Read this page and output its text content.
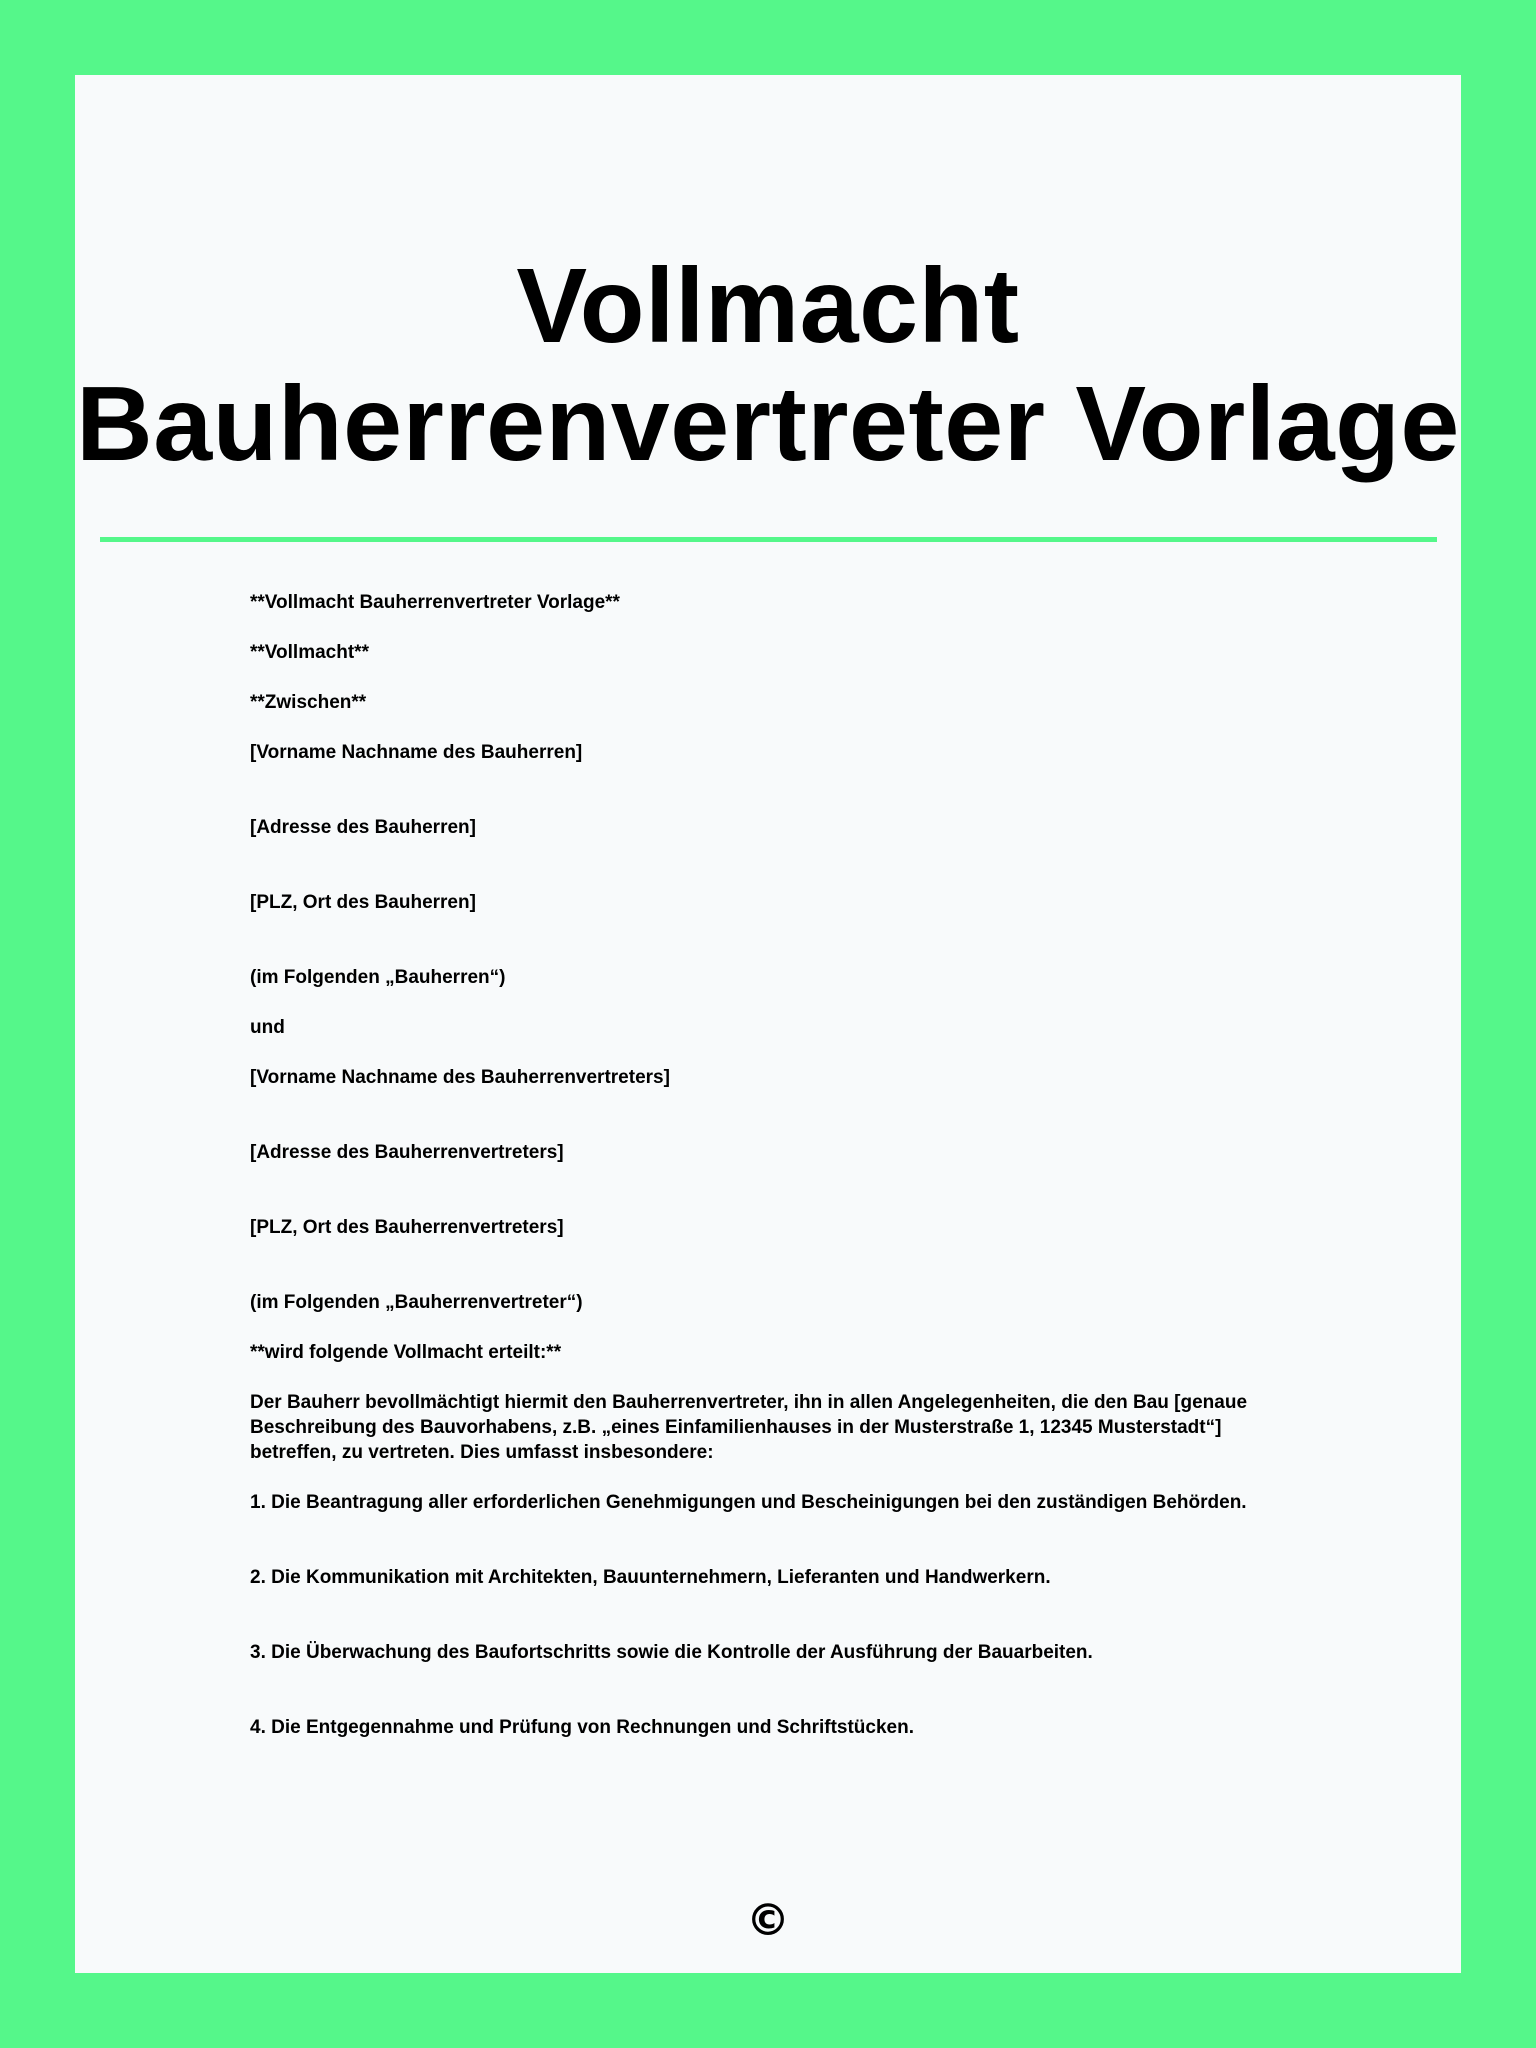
Vollmacht
Bauherrenvertreter Vorlage

**Vollmacht Bauherrenvertreter Vorlage**

**Vollmacht**

**Zwischen**

[Vorname Nachname des Bauherren]

[Adresse des Bauherren]

[PLZ, Ort des Bauherren]

(im Folgenden „Bauherren“)

und

[Vorname Nachname des Bauherrenvertreters]

[Adresse des Bauherrenvertreters]

[PLZ, Ort des Bauherrenvertreters]

(im Folgenden „Bauherrenvertreter“)

**wird folgende Vollmacht erteilt:**

Der Bauherr bevollmächtigt hiermit den Bauherrenvertreter, ihn in allen Angelegenheiten, die den Bau [genaue Beschreibung des Bauvorhabens, z.B. „eines Einfamilienhauses in der Musterstraße 1, 12345 Musterstadt“] betreffen, zu vertreten. Dies umfasst insbesondere:

1. Die Beantragung aller erforderlichen Genehmigungen und Bescheinigungen bei den zuständigen Behörden.

2. Die Kommunikation mit Architekten, Bauunternehmern, Lieferanten und Handwerkern.

3. Die Überwachung des Baufortschritts sowie die Kontrolle der Ausführung der Bauarbeiten.

4. Die Entgegennahme und Prüfung von Rechnungen und Schriftstücken.

©
